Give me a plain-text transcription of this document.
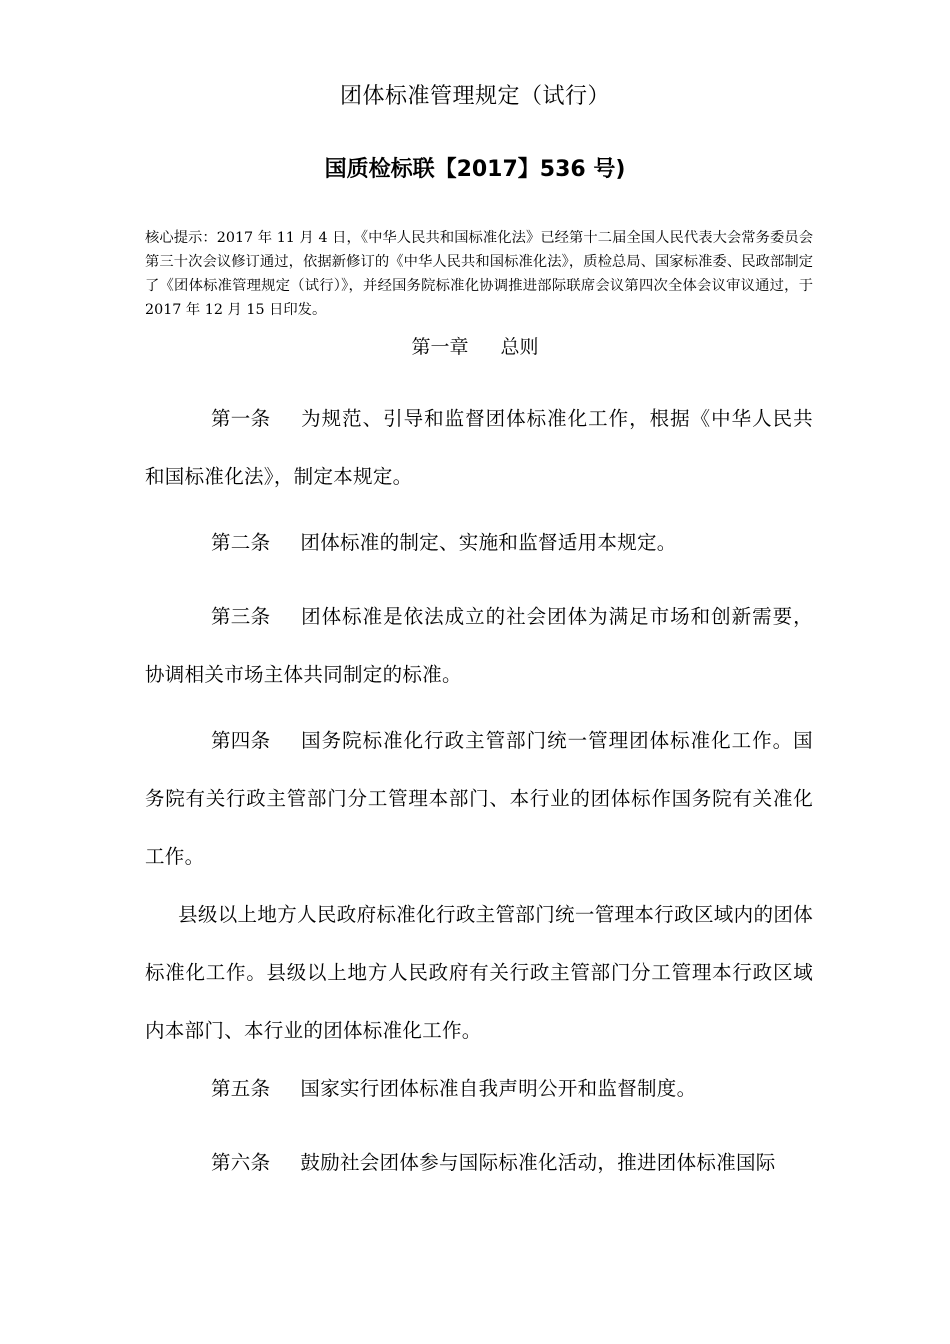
团体标准管理规定（试行）
国质检标联【2017】536 号)
核心提示：2017 年 11 月 4 日，《中华人民共和国标准化法》已经第十二届全国人民代表大会常务委员会第三十次会议修订通过，依据新修订的《中华人民共和国标准化法》，质检总局、国家标准委、民政部制定了《团体标准管理规定（试行）》，并经国务院标准化协调推进部际联席会议第四次全体会议审议通过，于 2017 年 12 月 15 日印发。
第一章 总则
第一条 为规范、引导和监督团体标准化工作，根据《中华人民共和国标准化法》，制定本规定。
第二条 团体标准的制定、实施和监督适用本规定。
第三条 团体标准是依法成立的社会团体为满足市场和创新需要，协调相关市场主体共同制定的标准。
第四条 国务院标准化行政主管部门统一管理团体标准化工作。国务院有关行政主管部门分工管理本部门、本行业的团体标作国务院有关准化工作。
县级以上地方人民政府标准化行政主管部门统一管理本行政区域内的团体标准化工作。县级以上地方人民政府有关行政主管部门分工管理本行政区域内本部门、本行业的团体标准化工作。
第五条 国家实行团体标准自我声明公开和监督制度。
第六条 鼓励社会团体参与国际标准化活动，推进团体标准国际
